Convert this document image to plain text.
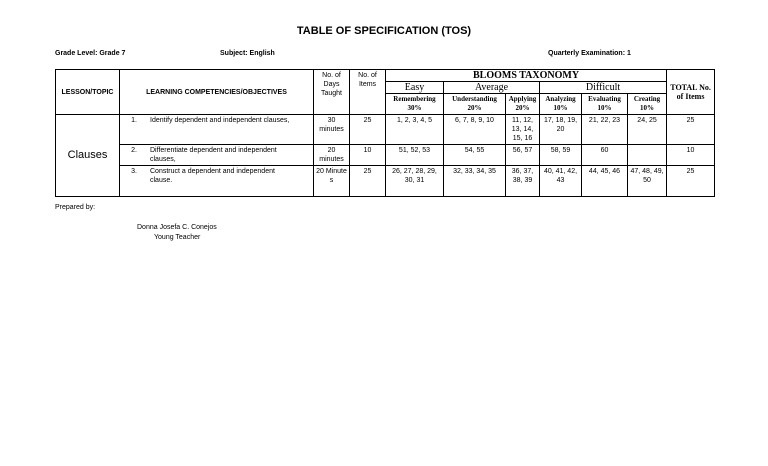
TABLE OF SPECIFICATION (TOS)
Grade Level: Grade 7	Subject: English	Quarterly Examination: 1
LESSON/TOPIC	LEARNING COMPETENCIES/OBJECTIVES	No. of Days Taught	No. of Items	BLOOMS TAXONOMY						TOTAL No. of Items
				Easy	Average		Difficult			
				Remembering 30%	Understanding 20%	Applying 20%	Analyzing 10%	Evaluating 10%	Creating 10%	
Clauses	1. Identify dependent and independent clauses,	30 minutes	25	1, 2, 3, 4, 5	6, 7, 8, 9, 10	11, 12, 13, 14, 15, 16	17, 18, 19, 20	21, 22, 23	24, 25	25
	2. Differentiate dependent and independent clauses,	20 minutes	10	51, 52, 53	54, 55	56, 57	58, 59	60		10
	3. Construct a dependent and independent clause.	20 Minute s	25	26, 27, 28, 29, 30, 31	32, 33, 34, 35	36, 37, 38, 39	40, 41, 42, 43	44, 45, 46	47, 48, 49, 50	25
Prepared by:
Donna Josefa C. Conejos
Young Teacher
